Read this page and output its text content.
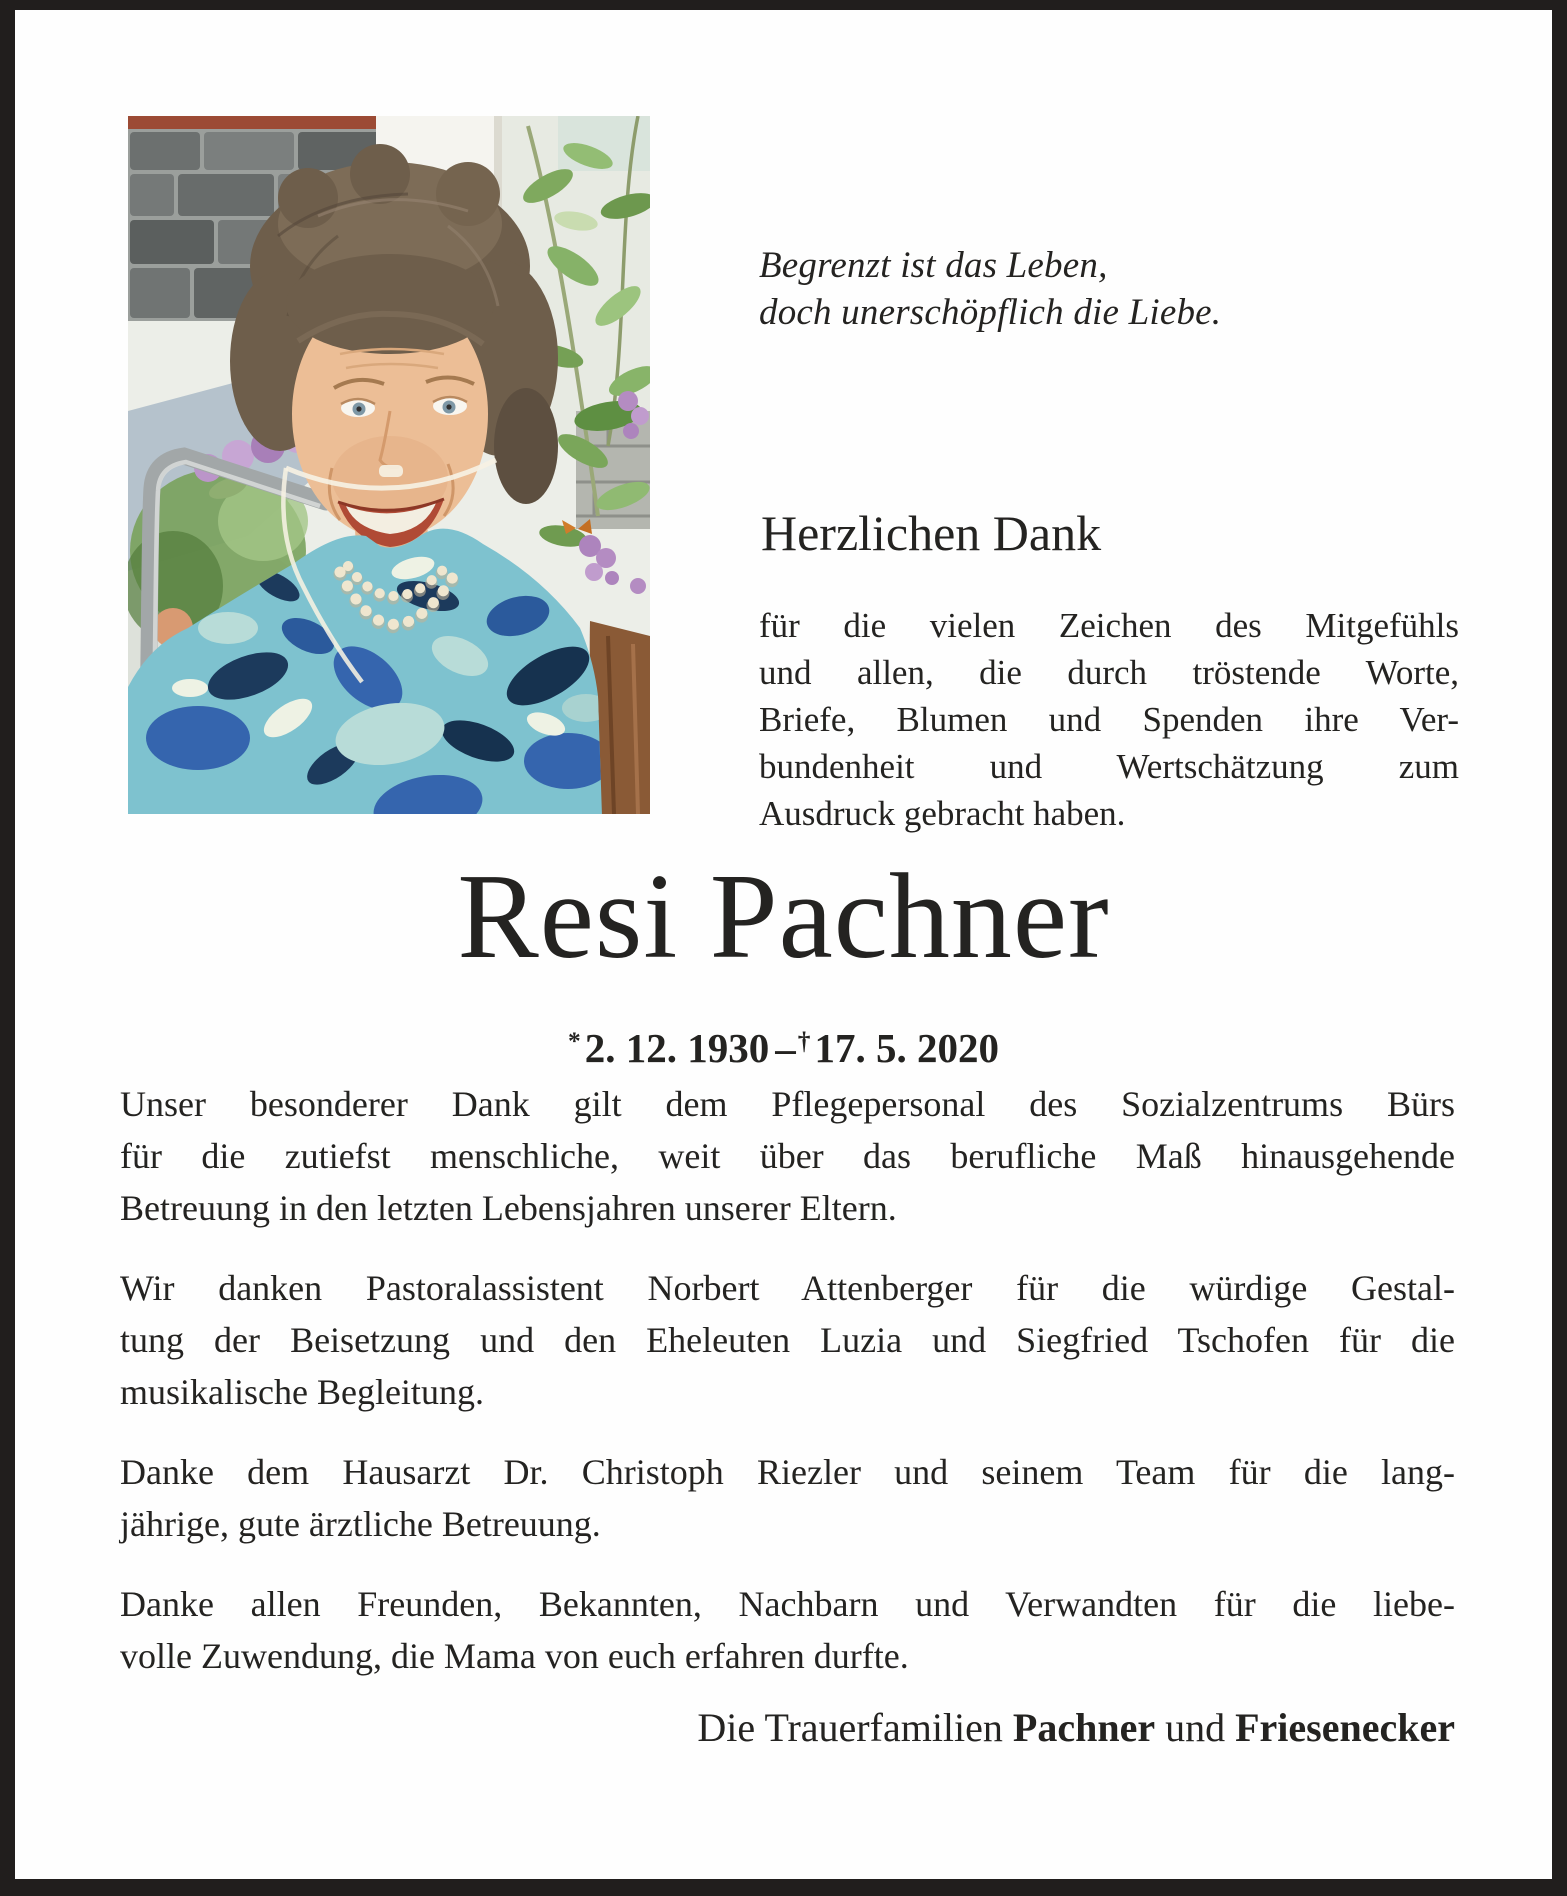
Begrenzt ist das Leben,
doch unerschöpflich die Liebe.
Herzlichen Dank
für die vielen Zeichen des Mitgefühls
und allen, die durch tröstende Worte,
Briefe, Blumen und Spenden ihre Ver-
bundenheit und Wertschätzung zum
Ausdruck gebracht haben.
Resi Pachner
*2. 12. 1930 –†17. 5. 2020
Unser besonderer Dank gilt dem Pflegepersonal des Sozialzentrums Bürs
für die zutiefst menschliche, weit über das berufliche Maß hinausgehende
Betreuung in den letzten Lebensjahren unserer Eltern.
Wir danken Pastoralassistent Norbert Attenberger für die würdige Gestal-
tung der Beisetzung und den Eheleuten Luzia und Siegfried Tschofen für die
musikalische Begleitung.
Danke dem Hausarzt Dr. Christoph Riezler und seinem Team für die lang-
jährige, gute ärztliche Betreuung.
Danke allen Freunden, Bekannten, Nachbarn und Verwandten für die liebe-
volle Zuwendung, die Mama von euch erfahren durfte.
Die Trauerfamilien Pachner und Friesenecker
